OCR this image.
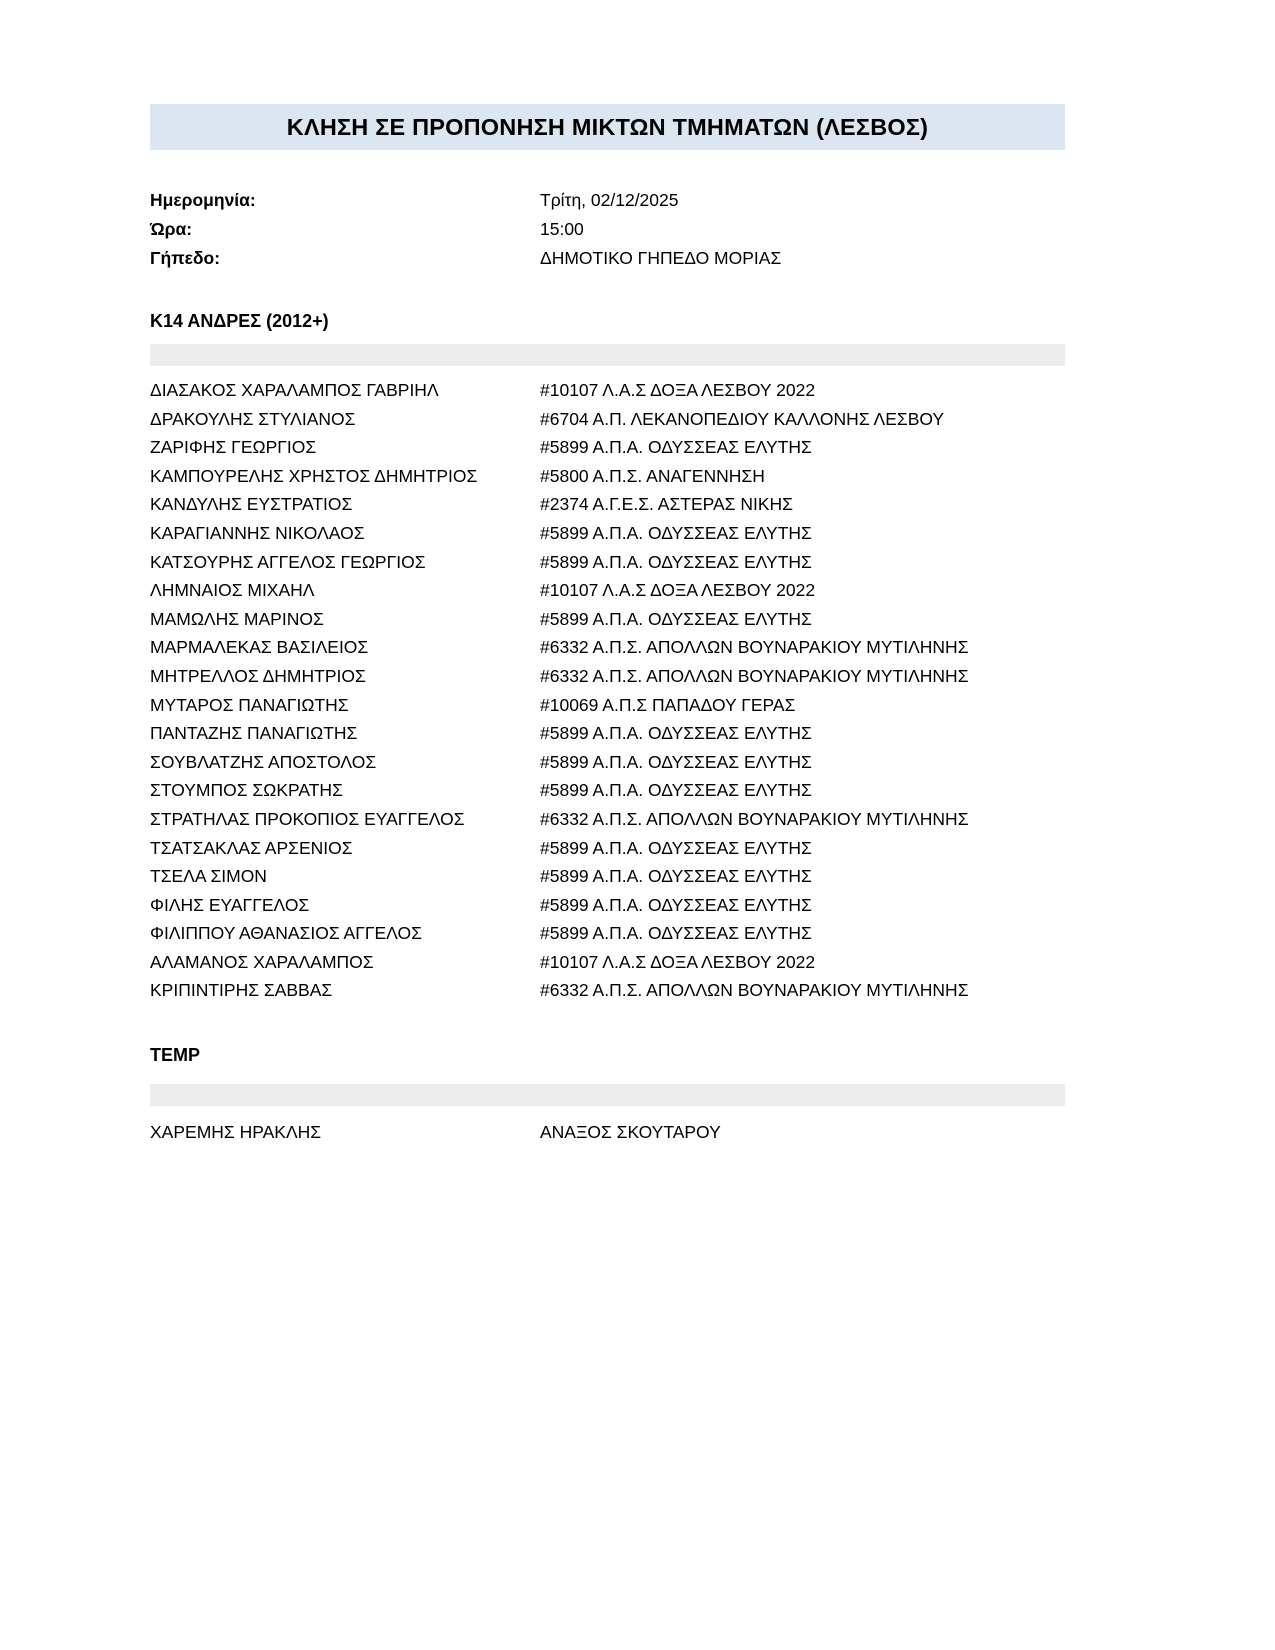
ΚΛΗΣΗ ΣΕ ΠΡΟΠΟΝΗΣΗ ΜΙΚΤΩΝ ΤΜΗΜΑΤΩΝ (ΛΕΣΒΟΣ)
Ημερομηνία:	Τρίτη, 02/12/2025
Ώρα:	15:00
Γήπεδο:	ΔΗΜΟΤΙΚΟ ΓΗΠΕΔΟ ΜΟΡΙΑΣ
Κ14 ΑΝΔΡΕΣ (2012+)
ΔΙΑΣΑΚΟΣ ΧΑΡΑΛΑΜΠΟΣ ΓΑΒΡΙΗΛ	#10107 Λ.Α.Σ ΔΟΞΑ ΛΕΣΒΟΥ 2022
ΔΡΑΚΟΥΛΗΣ ΣΤΥΛΙΑΝΟΣ	#6704 Α.Π. ΛΕΚΑΝΟΠΕΔΙΟΥ ΚΑΛΛΟΝΗΣ ΛΕΣΒΟΥ
ΖΑΡΙΦΗΣ ΓΕΩΡΓΙΟΣ	#5899 Α.Π.Α. ΟΔΥΣΣΕΑΣ ΕΛΥΤΗΣ
ΚΑΜΠΟΥΡΕΛΗΣ ΧΡΗΣΤΟΣ ΔΗΜΗΤΡΙΟΣ	#5800 Α.Π.Σ. ΑΝΑΓΕΝΝΗΣΗ
ΚΑΝΔΥΛΗΣ ΕΥΣΤΡΑΤΙΟΣ	#2374 Α.Γ.Ε.Σ. ΑΣΤΕΡΑΣ ΝΙΚΗΣ
ΚΑΡΑΓΙΑΝΝΗΣ ΝΙΚΟΛΑΟΣ	#5899 Α.Π.Α. ΟΔΥΣΣΕΑΣ ΕΛΥΤΗΣ
ΚΑΤΣΟΥΡΗΣ ΑΓΓΕΛΟΣ ΓΕΩΡΓΙΟΣ	#5899 Α.Π.Α. ΟΔΥΣΣΕΑΣ ΕΛΥΤΗΣ
ΛΗΜΝΑΙΟΣ ΜΙΧΑΗΛ	#10107 Λ.Α.Σ ΔΟΞΑ ΛΕΣΒΟΥ 2022
ΜΑΜΩΛΗΣ ΜΑΡΙΝΟΣ	#5899 Α.Π.Α. ΟΔΥΣΣΕΑΣ ΕΛΥΤΗΣ
ΜΑΡΜΑΛΕΚΑΣ ΒΑΣΙΛΕΙΟΣ	#6332 Α.Π.Σ. ΑΠΟΛΛΩΝ ΒΟΥΝΑΡΑΚΙΟΥ ΜΥΤΙΛΗΝΗΣ
ΜΗΤΡΕΛΛΟΣ ΔΗΜΗΤΡΙΟΣ	#6332 Α.Π.Σ. ΑΠΟΛΛΩΝ ΒΟΥΝΑΡΑΚΙΟΥ ΜΥΤΙΛΗΝΗΣ
ΜΥΤΑΡΟΣ ΠΑΝΑΓΙΩΤΗΣ	#10069 Α.Π.Σ ΠΑΠΑΔΟΥ ΓΕΡΑΣ
ΠΑΝΤΑΖΗΣ ΠΑΝΑΓΙΩΤΗΣ	#5899 Α.Π.Α. ΟΔΥΣΣΕΑΣ ΕΛΥΤΗΣ
ΣΟΥΒΛΑΤΖΗΣ ΑΠΟΣΤΟΛΟΣ	#5899 Α.Π.Α. ΟΔΥΣΣΕΑΣ ΕΛΥΤΗΣ
ΣΤΟΥΜΠΟΣ ΣΩΚΡΑΤΗΣ	#5899 Α.Π.Α. ΟΔΥΣΣΕΑΣ ΕΛΥΤΗΣ
ΣΤΡΑΤΗΛΑΣ ΠΡΟΚΟΠΙΟΣ ΕΥΑΓΓΕΛΟΣ	#6332 Α.Π.Σ. ΑΠΟΛΛΩΝ ΒΟΥΝΑΡΑΚΙΟΥ ΜΥΤΙΛΗΝΗΣ
ΤΣΑΤΣΑΚΛΑΣ ΑΡΣΕΝΙΟΣ	#5899 Α.Π.Α. ΟΔΥΣΣΕΑΣ ΕΛΥΤΗΣ
ΤΣΕΛΑ ΣΙΜΟΝ	#5899 Α.Π.Α. ΟΔΥΣΣΕΑΣ ΕΛΥΤΗΣ
ΦΙΛΗΣ ΕΥΑΓΓΕΛΟΣ	#5899 Α.Π.Α. ΟΔΥΣΣΕΑΣ ΕΛΥΤΗΣ
ΦΙΛΙΠΠΟΥ ΑΘΑΝΑΣΙΟΣ ΑΓΓΕΛΟΣ	#5899 Α.Π.Α. ΟΔΥΣΣΕΑΣ ΕΛΥΤΗΣ
ΑΛΑΜΑΝΟΣ ΧΑΡΑΛΑΜΠΟΣ	#10107 Λ.Α.Σ ΔΟΞΑ ΛΕΣΒΟΥ 2022
ΚΡΙΠΙΝΤΙΡΗΣ ΣΑΒΒΑΣ	#6332 Α.Π.Σ. ΑΠΟΛΛΩΝ ΒΟΥΝΑΡΑΚΙΟΥ ΜΥΤΙΛΗΝΗΣ
TEMP
ΧΑΡΕΜΗΣ ΗΡΑΚΛΗΣ	ΑΝΑΞΟΣ ΣΚΟΥΤΑΡΟΥ
